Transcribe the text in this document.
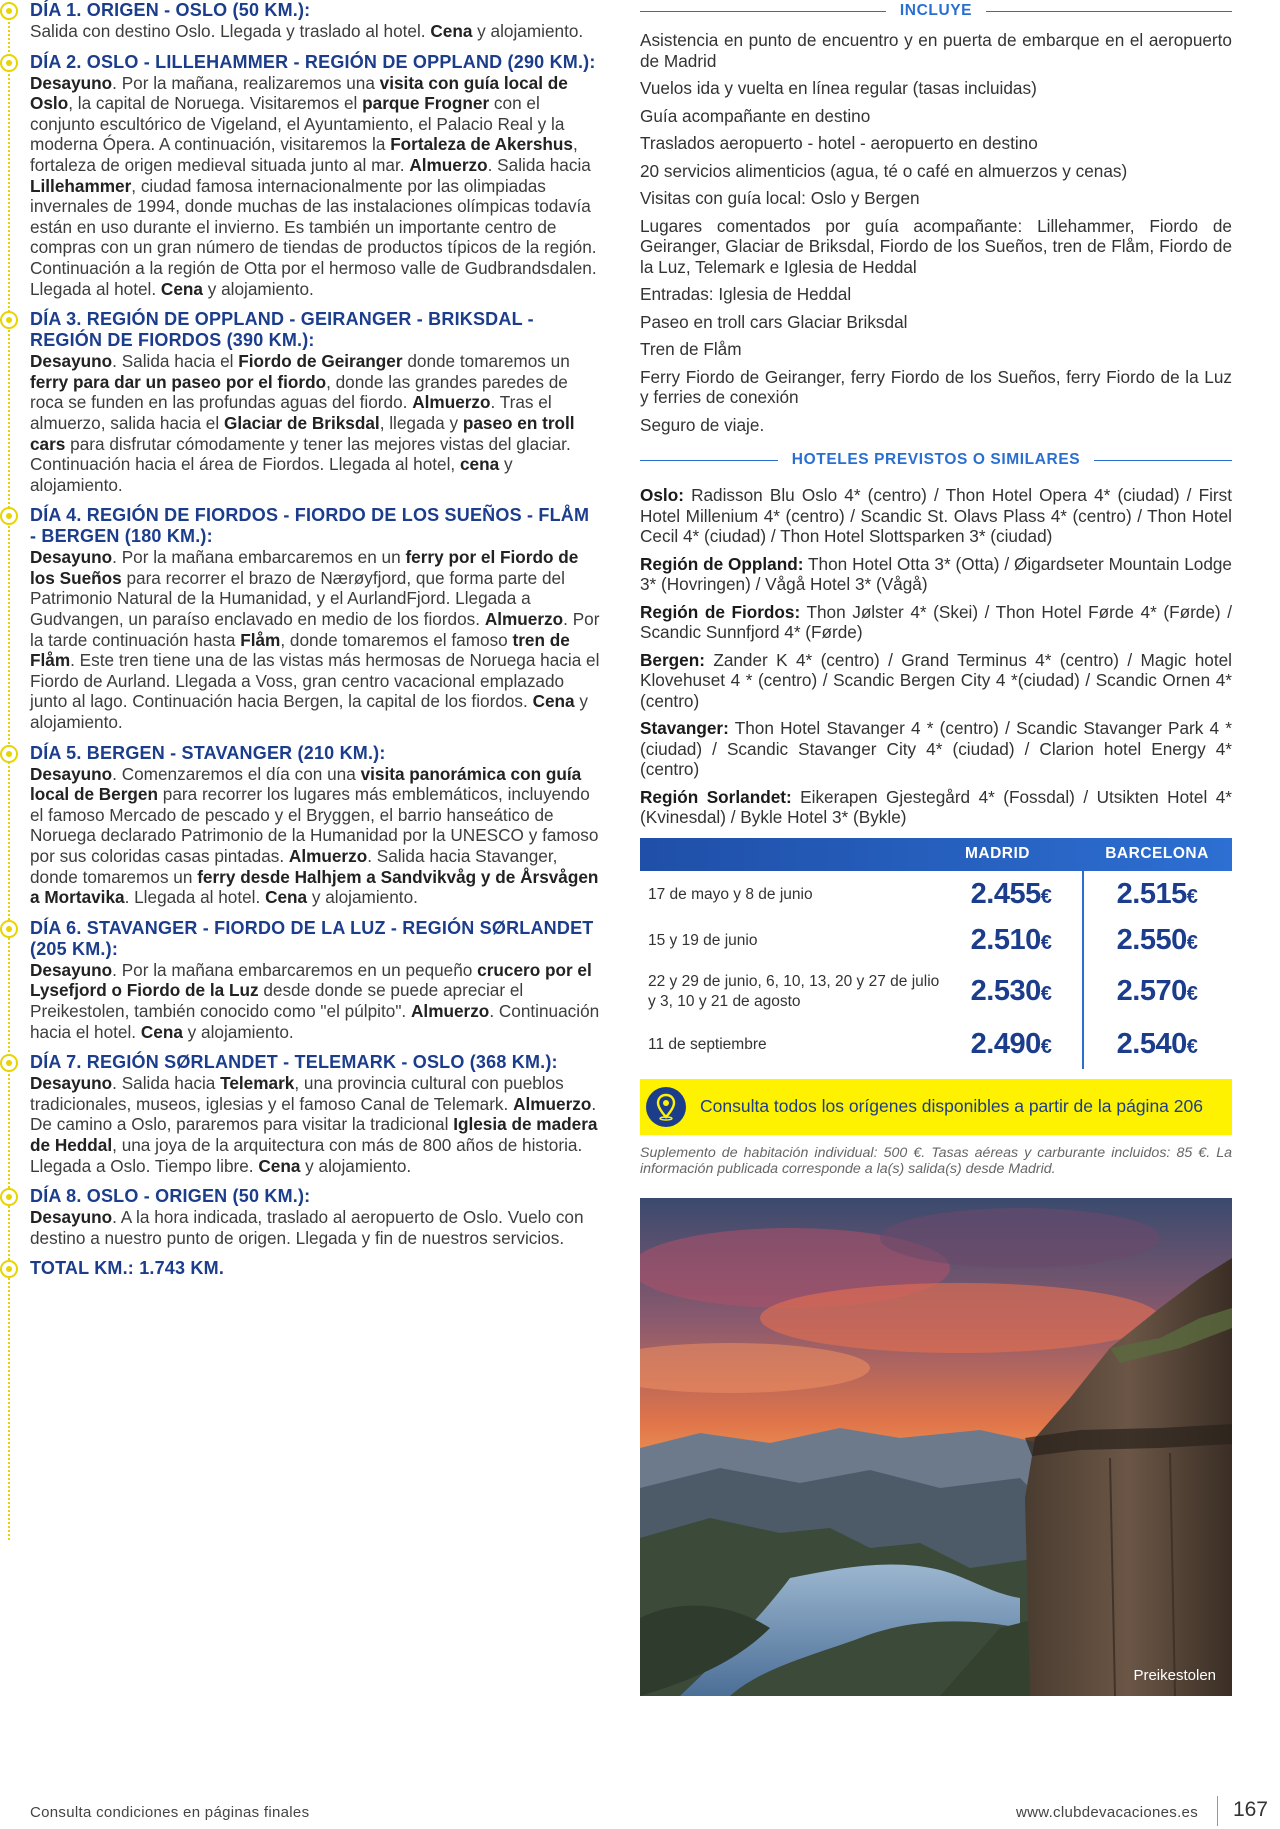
DÍA 1. ORIGEN - OSLO (50 KM.):
Salida con destino Oslo. Llegada y traslado al hotel. Cena y alojamiento.
DÍA 2. OSLO - LILLEHAMMER - REGIÓN DE OPPLAND (290 KM.):
Desayuno. Por la mañana, realizaremos una visita con guía local de Oslo, la capital de Noruega. Visitaremos el parque Frogner con el conjunto escultórico de Vigeland, el Ayuntamiento, el Palacio Real y la moderna Ópera. A continuación, visitaremos la Fortaleza de Akershus, fortaleza de origen medieval situada junto al mar. Almuerzo. Salida hacia Lillehammer, ciudad famosa internacionalmente por las olimpiadas invernales de 1994, donde muchas de las instalaciones olímpicas todavía están en uso durante el invierno. Es también un importante centro de compras con un gran número de tiendas de productos típicos de la región. Continuación a la región de Otta por el hermoso valle de Gudbrandsdalen. Llegada al hotel. Cena y alojamiento.
DÍA 3. REGIÓN DE OPPLAND - GEIRANGER - BRIKSDAL - REGIÓN DE FIORDOS (390 KM.):
Desayuno. Salida hacia el Fiordo de Geiranger donde tomaremos un ferry para dar un paseo por el fiordo, donde las grandes paredes de roca se funden en las profundas aguas del fiordo. Almuerzo. Tras el almuerzo, salida hacia el Glaciar de Briksdal, llegada y paseo en troll cars para disfrutar cómodamente y tener las mejores vistas del glaciar. Continuación hacia el área de Fiordos. Llegada al hotel, cena y alojamiento.
DÍA 4. REGIÓN DE FIORDOS - FIORDO DE LOS SUEÑOS - FLÅM - BERGEN (180 KM.):
Desayuno. Por la mañana embarcaremos en un ferry por el Fiordo de los Sueños para recorrer el brazo de Nærøyfjord, que forma parte del Patrimonio Natural de la Humanidad, y el AurlandFjord. Llegada a Gudvangen, un paraíso enclavado en medio de los fiordos. Almuerzo. Por la tarde continuación hasta Flåm, donde tomaremos el famoso tren de Flåm. Este tren tiene una de las vistas más hermosas de Noruega hacia el Fiordo de Aurland. Llegada a Voss, gran centro vacacional emplazado junto al lago. Continuación hacia Bergen, la capital de los fiordos. Cena y alojamiento.
DÍA 5. BERGEN - STAVANGER (210 KM.):
Desayuno. Comenzaremos el día con una visita panorámica con guía local de Bergen para recorrer los lugares más emblemáticos, incluyendo el famoso Mercado de pescado y el Bryggen, el barrio hanseático de Noruega declarado Patrimonio de la Humanidad por la UNESCO y famoso por sus coloridas casas pintadas. Almuerzo. Salida hacia Stavanger, donde tomaremos un ferry desde Halhjem a Sandvikvåg y de Årsvågen a Mortavika. Llegada al hotel. Cena y alojamiento.
DÍA 6. STAVANGER - FIORDO DE LA LUZ - REGIÓN SØRLANDET (205 KM.):
Desayuno. Por la mañana embarcaremos en un pequeño crucero por el Lysefjord o Fiordo de la Luz desde donde se puede apreciar el Preikestolen, también conocido como "el púlpito". Almuerzo. Continuación hacia el hotel. Cena y alojamiento.
DÍA 7. REGIÓN SØRLANDET - TELEMARK - OSLO (368 KM.):
Desayuno. Salida hacia Telemark, una provincia cultural con pueblos tradicionales, museos, iglesias y el famoso Canal de Telemark. Almuerzo. De camino a Oslo, pararemos para visitar la tradicional Iglesia de madera de Heddal, una joya de la arquitectura con más de 800 años de historia. Llegada a Oslo. Tiempo libre. Cena y alojamiento.
DÍA 8. OSLO - ORIGEN (50 KM.):
Desayuno. A la hora indicada, traslado al aeropuerto de Oslo. Vuelo con destino a nuestro punto de origen. Llegada y fin de nuestros servicios.
TOTAL KM.: 1.743 KM.
INCLUYE
Asistencia en punto de encuentro y en puerta de embarque en el aeropuerto de Madrid
Vuelos ida y vuelta en línea regular (tasas incluidas)
Guía acompañante en destino
Traslados aeropuerto - hotel - aeropuerto en destino
20 servicios alimenticios (agua, té o café en almuerzos y cenas)
Visitas con guía local: Oslo y Bergen
Lugares comentados por guía acompañante: Lillehammer, Fiordo de Geiranger, Glaciar de Briksdal, Fiordo de los Sueños, tren de Flåm, Fiordo de la Luz, Telemark e Iglesia de Heddal
Entradas: Iglesia de Heddal
Paseo en troll cars Glaciar Briksdal
Tren de Flåm
Ferry Fiordo de Geiranger, ferry Fiordo de los Sueños, ferry Fiordo de la Luz y ferries de conexión
Seguro de viaje.
HOTELES PREVISTOS O SIMILARES
Oslo: Radisson Blu Oslo 4* (centro) / Thon Hotel Opera 4* (ciudad) / First Hotel Millenium 4* (centro) / Scandic St. Olavs Plass 4* (centro) / Thon Hotel Cecil 4* (ciudad) / Thon Hotel Slottsparken 3* (ciudad)
Región de Oppland: Thon Hotel Otta 3* (Otta) / Øigardseter Mountain Lodge 3* (Hovringen) / Vågå Hotel 3* (Vågå)
Región de Fiordos: Thon Jølster 4* (Skei) / Thon Hotel Førde 4* (Førde) / Scandic Sunnfjord 4* (Førde)
Bergen: Zander K 4* (centro) / Grand Terminus 4* (centro) / Magic hotel Klovehuset 4 * (centro) / Scandic Bergen City 4 *(ciudad) / Scandic Ornen 4* (centro)
Stavanger: Thon Hotel Stavanger 4 * (centro) / Scandic Stavanger Park 4 * (ciudad) / Scandic Stavanger City 4* (ciudad) / Clarion hotel Energy 4* (centro)
Región Sorlandet: Eikerapen Gjestegård 4* (Fossdal) / Utsikten Hotel 4* (Kvinesdal) / Bykle Hotel 3* (Bykle)
MADRID	BARCELONA
17 de mayo y 8 de junio	2.455€	2.515€
15 y 19 de junio	2.510€	2.550€
22 y 29 de junio, 6, 10, 13, 20 y 27 de julio y 3, 10 y 21 de agosto	2.530€	2.570€
11 de septiembre	2.490€	2.540€
Consulta todos los orígenes disponibles a partir de la página 206
Suplemento de habitación individual: 500 €. Tasas aéreas y carburante incluidos: 85 €. La información publicada corresponde a la(s) salida(s) desde Madrid.
Preikestolen
Consulta condiciones en páginas finales	www.clubdevacaciones.es 167
